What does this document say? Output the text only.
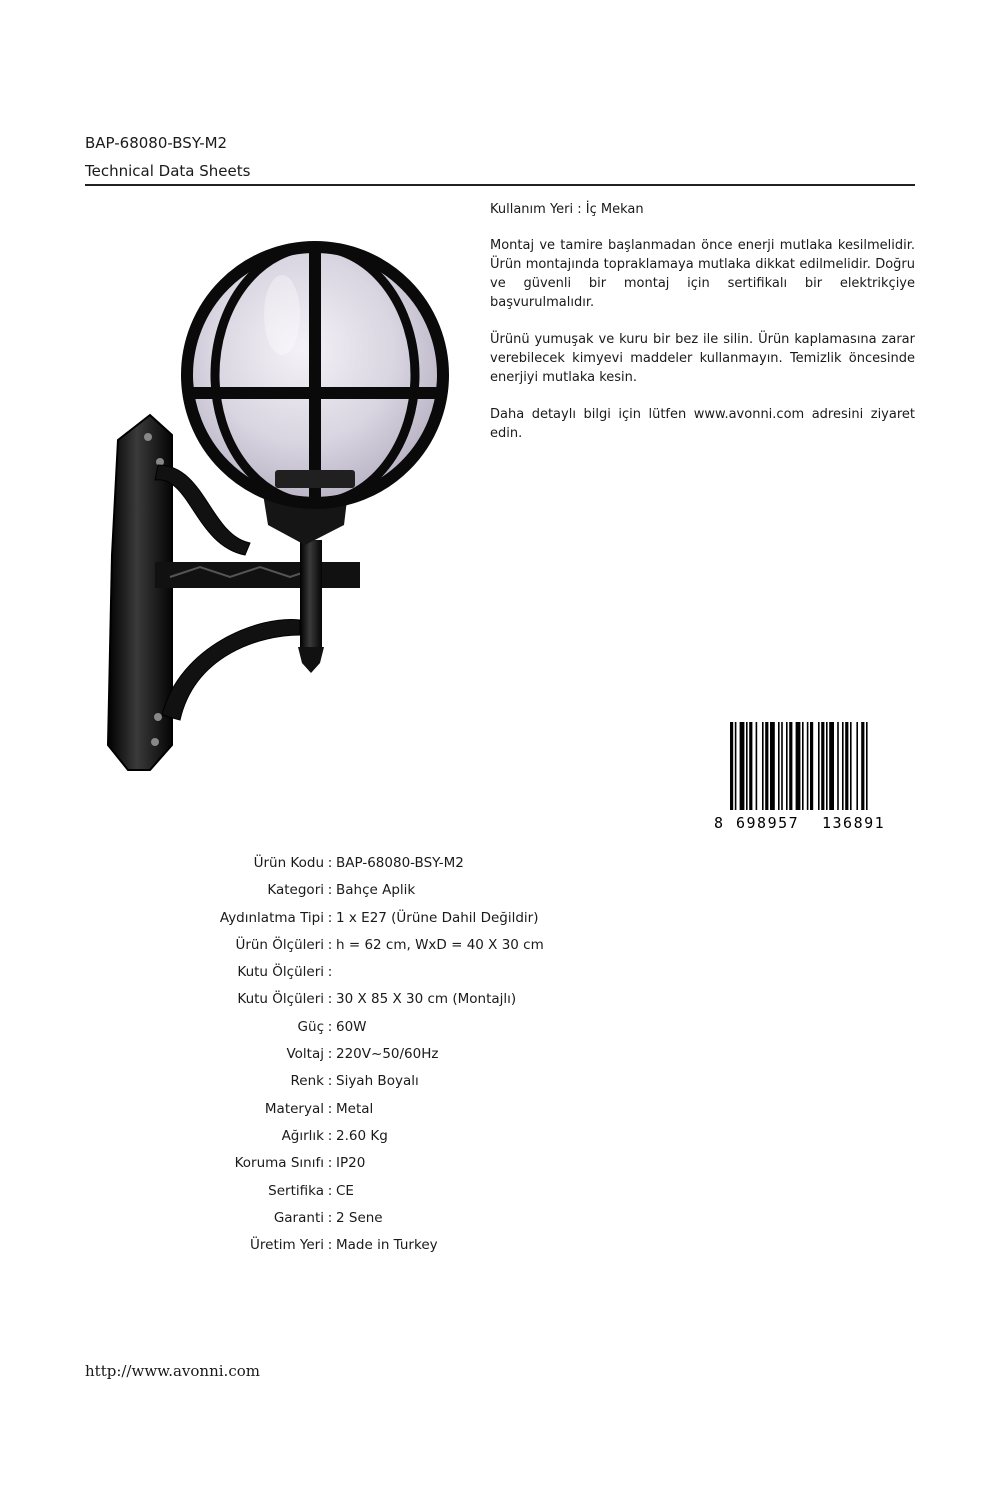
BAP-68080-BSY-M2
Technical Data Sheets

Kullanım Yeri : İç Mekan

Montaj ve tamire başlanmadan önce enerji mutlaka kesilmelidir. Ürün montajında topraklamaya mutlaka dikkat edilmelidir. Doğru ve güvenli bir montaj için sertifikalı bir elektrikçiye başvurulmalıdır.

Ürünü yumuşak ve kuru bir bez ile silin. Ürün kaplamasına zarar verebilecek kimyevi maddeler kullanmayın. Temizlik öncesinde enerjiyi mutlaka kesin.

Daha detaylı bilgi için lütfen www.avonni.com adresini ziyaret edin.

8 698957 136891
Ürün Kodu : BAP-68080-BSY-M2
Kategori : Bahçe Aplik
Aydınlatma Tipi : 1 x E27 (Ürüne Dahil Değildir)
Ürün Ölçüleri : h = 62 cm, WxD = 40 X 30 cm
Kutu Ölçüleri :
Kutu Ölçüleri : 30 X 85 X 30 cm (Montajlı)
Güç : 60W
Voltaj : 220V~50/60Hz
Renk : Siyah Boyalı
Materyal : Metal
Ağırlık : 2.60 Kg
Koruma Sınıfı : IP20
Sertifika : CE
Garanti : 2 Sene
Üretim Yeri : Made in Turkey
http://www.avonni.com
